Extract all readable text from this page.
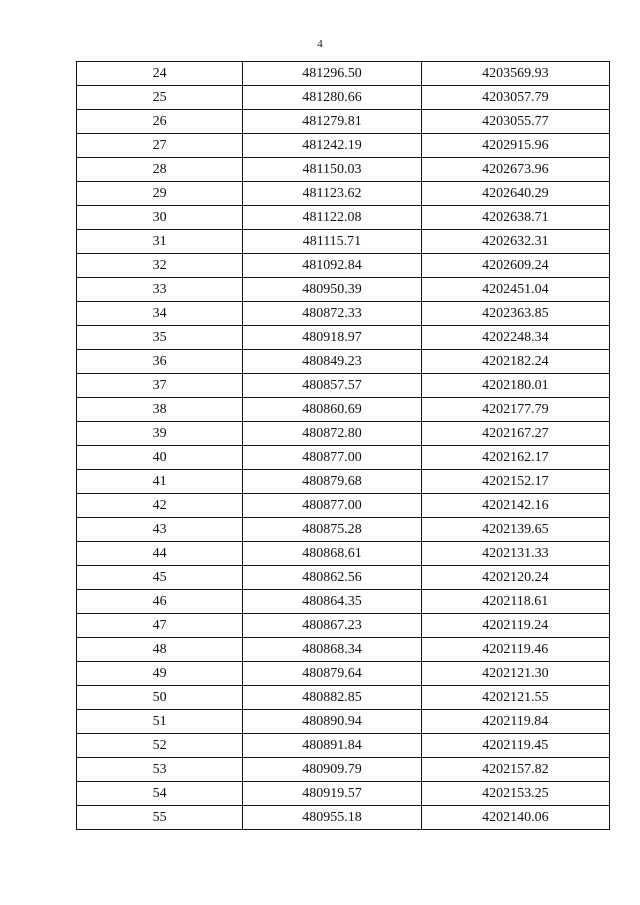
4
24	481296.50	4203569.93
25	481280.66	4203057.79
26	481279.81	4203055.77
27	481242.19	4202915.96
28	481150.03	4202673.96
29	481123.62	4202640.29
30	481122.08	4202638.71
31	481115.71	4202632.31
32	481092.84	4202609.24
33	480950.39	4202451.04
34	480872.33	4202363.85
35	480918.97	4202248.34
36	480849.23	4202182.24
37	480857.57	4202180.01
38	480860.69	4202177.79
39	480872.80	4202167.27
40	480877.00	4202162.17
41	480879.68	4202152.17
42	480877.00	4202142.16
43	480875.28	4202139.65
44	480868.61	4202131.33
45	480862.56	4202120.24
46	480864.35	4202118.61
47	480867.23	4202119.24
48	480868.34	4202119.46
49	480879.64	4202121.30
50	480882.85	4202121.55
51	480890.94	4202119.84
52	480891.84	4202119.45
53	480909.79	4202157.82
54	480919.57	4202153.25
55	480955.18	4202140.06
